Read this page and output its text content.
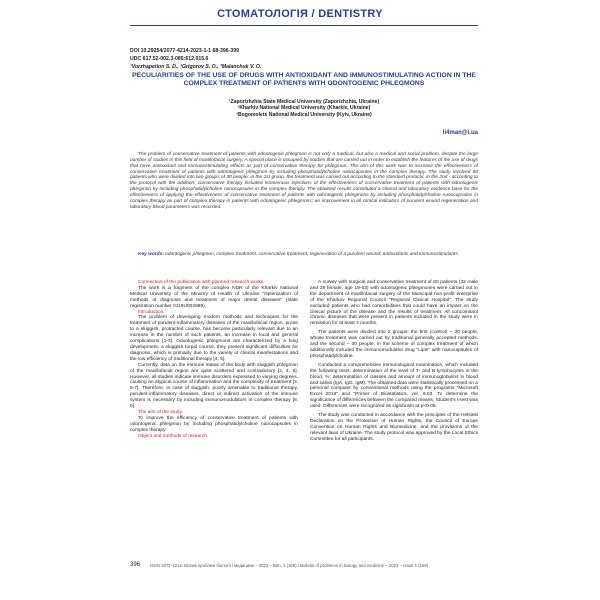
СТОМАТОЛОГІЯ / DENTISTRY
DOI 10.29254/2077-4214-2023-1-1 68-396-399
UDC 617.52-002.3-085:612.015.6
¹Vorzhapetion S. D., ²Grigorov S. O., ³Malanchuk V. O.
PECULIARITIES OF THE USE OF DRUGS WITH ANTIOXIDANT AND IMMUNOSTIMULATING ACTION IN THE COMPLEX TREATMENT OF PATIENTS WITH ODONTOGENIC PHLEGMONS
¹Zaporizhzhia State Medical University (Zaporizhzhia, Ukraine)
²Kharkiv National Medical University (Kharkiv, Ukraine)
³Bogomolets National Medical University (Kyiv, Ukraine)
li4man@i.ua
The problem of conservative treatment of patients with odontogenic phlegmon is not only a medical, but also a medical and social problem, despite the large number of studies in this field of maxillofacial surgery. A special place is occupied by studies that are carried out in order to establish the features of the use of drugs that have antioxidant and immunostimulating effects as part of conservative therapy for phlegmon. The aim of this work was to increase the effectiveness of conservative treatment of patients with odontogenic phlegmon by including phosphatidylcholine nanocapsules in the complex therapy. The study involved 60 patients who were divided into two groups of 30 people: in the 1st group, the treatment was carried out according to the standard protocol, in the 2nd - according to the protocol with the addition: conservative therapy included intravenous injections of the effectiveness of conservative treatment of patients with odontogenic phlegmon by including phosphatidylcholine nanocapsules in the complex therapy. The obtained results constituted a clinical and laboratory evidence base for the effectiveness of applying the effectiveness of conservative treatment of patients with odontogenic phlegmons by including phosphatidylcholine nanocapsules in complex therapy as part of complex therapy in patients with odontogenic phlegmons: an improvement in all clinical indicators of purulent wound regeneration and laboratory blood parameters was recorded.
Key words: odontogenic phlegmon, complex treatment, conservative treatment, regeneration of a purulent wound, antioxidants and immunostimulants.

Connection of the publication with planned research works.

The work is a fragment of the complex NDR of the Kharkiv National Medical University of the Ministry of Health of Ukraine "Optimization of methods of diagnosis and treatment of major dental diseases" (state registration number 0119U002899).

Introduction.

The problem of developing modern methods and techniques for the treatment of purulent-inflammatory diseases of the maxillofacial region, prone to a sluggish, protracted course, has become particularly relevant due to an increase in the number of such patients, an increase in local and general complications [1-3]. Odontogenic phlegmons are characterized by a long development, a sluggish torpid course, they present significant difficulties for diagnosis, which is primarily due to the variety of clinical manifestations and the low efficiency of traditional therapy [4, 5].

Currently, data on the immune status of the body with sluggish phlegmon of the maxillofacial region are quite scattered and contradictory [2, 4, 6]. However, all studies indicate immune disorders expressed to varying degrees, causing an atypical course of inflammation and the complexity of treatment [3, 5-7]. Therefore, in case of sluggish, poorly amenable to traditional therapy, purulent-inflammatory diseases, direct or indirect activation of the immune system is necessary by including immunomodulators in complex therapy [8, 9].

The aim of the study.

To improve the efficiency of conservative treatment of patients with odontogenic phlegmon by including phosphatidylcholine nanocapsules in complex therapy.

Object and methods of research.

A survey with surgical and conservative treatment of 60 patients (32 male and 28 female, age 19-63) with odontogenic phlegmones were carried out in the department of maxillofacial surgery of the Municipal non-profit enterprise of the Kharkov Regional Council "Regional Clinical Hospital". The study excluded patients who had comorbidities that could have an impact on the clinical picture of the disease and the results of treatment. All concomitant chronic diseases that were present in patients included in the study were in remission for at least 3 months.

The patients were divided into 2 groups: the first (control) – 30 people, whose treatment was carried out by traditional generally accepted methods, and the second – 30 people, in the scheme of complex treatment of which additionally included the immunomodulator drug "Lipin" with nanocapsules of phosphatidylcholine.

Conducted a comprehensive immunological examination, which included the following tests: determination of the level of T- and B-lymphocytes in the blood, %; determination of classes and amount of immunoglobulins in blood and saliva (IgA, IgG, IgM). The obtained data were statistically processed on a personal computer by conventional methods using the programs "Microsoft Excel 2016" and "Primer of Biostatistics, ver. 9.03. To determine the significance of differences between the compared means, Student's t-test was used. Differences were recognized as significant at p<0.05.

The study was conducted in accordance with the principles of the Helsinki Declaration on the Protection of Human Rights, the Council of Europe Convention on Human Rights and Biomedicine, and the provisions of the relevant laws of Ukraine. The study protocol was approved by the Local Ethics Committee for all participants.

396 ISSN 2077-4214. Вісник проблем біології і медицини – 2023 – Вип. 1 (168) / Bulletin of problems in biology and medicine – 2023 – Issue 1 (168)
